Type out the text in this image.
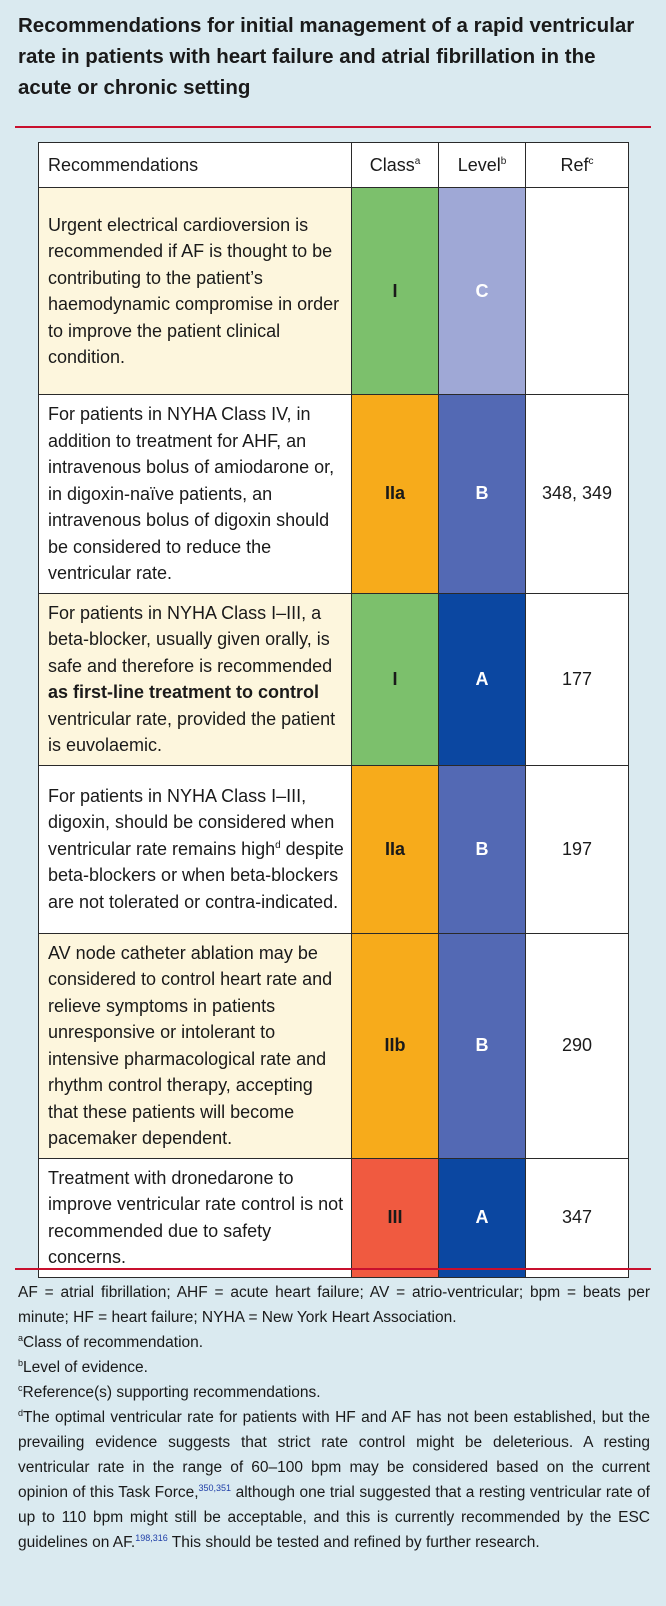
Recommendations for initial management of a rapid ventricular rate in patients with heart failure and atrial fibrillation in the acute or chronic setting
Recommendations	Class$^a$	Level$^b$	Ref$^c$
Urgent electrical cardioversion is recommended if AF is thought to be contributing to the patient’s haemodynamic compromise in order to improve the patient clinical condition.	I	C	
For patients in NYHA Class IV, in addition to treatment for AHF, an intravenous bolus of amiodarone or, in digoxin-naïve patients, an intravenous bolus of digoxin should be considered to reduce the ventricular rate.	IIa	B	348, 349
For patients in NYHA Class I–III, a beta-blocker, usually given orally, is safe and therefore is recommended as first-line treatment to control ventricular rate, provided the patient is euvolaemic.	I	A	177
For patients in NYHA Class I–III, digoxin, should be considered when ventricular rate remains high$^d$ despite beta-blockers or when beta-blockers are not tolerated or contra-indicated.	IIa	B	197
AV node catheter ablation may be considered to control heart rate and relieve symptoms in patients unresponsive or intolerant to intensive pharmacological rate and rhythm control therapy, accepting that these patients will become pacemaker dependent.	IIb	B	290
Treatment with dronedarone to improve ventricular rate control is not recommended due to safety concerns.	III	A	347

AF = atrial fibrillation; AHF = acute heart failure; AV = atrio-ventricular; bpm = beats per minute; HF = heart failure; NYHA = New York Heart Association.

$^a$Class of recommendation.

$^b$Level of evidence.

$^c$Reference(s) supporting recommendations.

$^d$The optimal ventricular rate for patients with HF and AF has not been established, but the prevailing evidence suggests that strict rate control might be deleterious. A resting ventricular rate in the range of 60–100 bpm may be considered based on the current opinion of this Task Force,$^{350,351}$ although one trial suggested that a resting ventricular rate of up to 110 bpm might still be acceptable, and this is currently recommended by the ESC guidelines on AF.$^{198,316}$ This should be tested and refined by further research.
